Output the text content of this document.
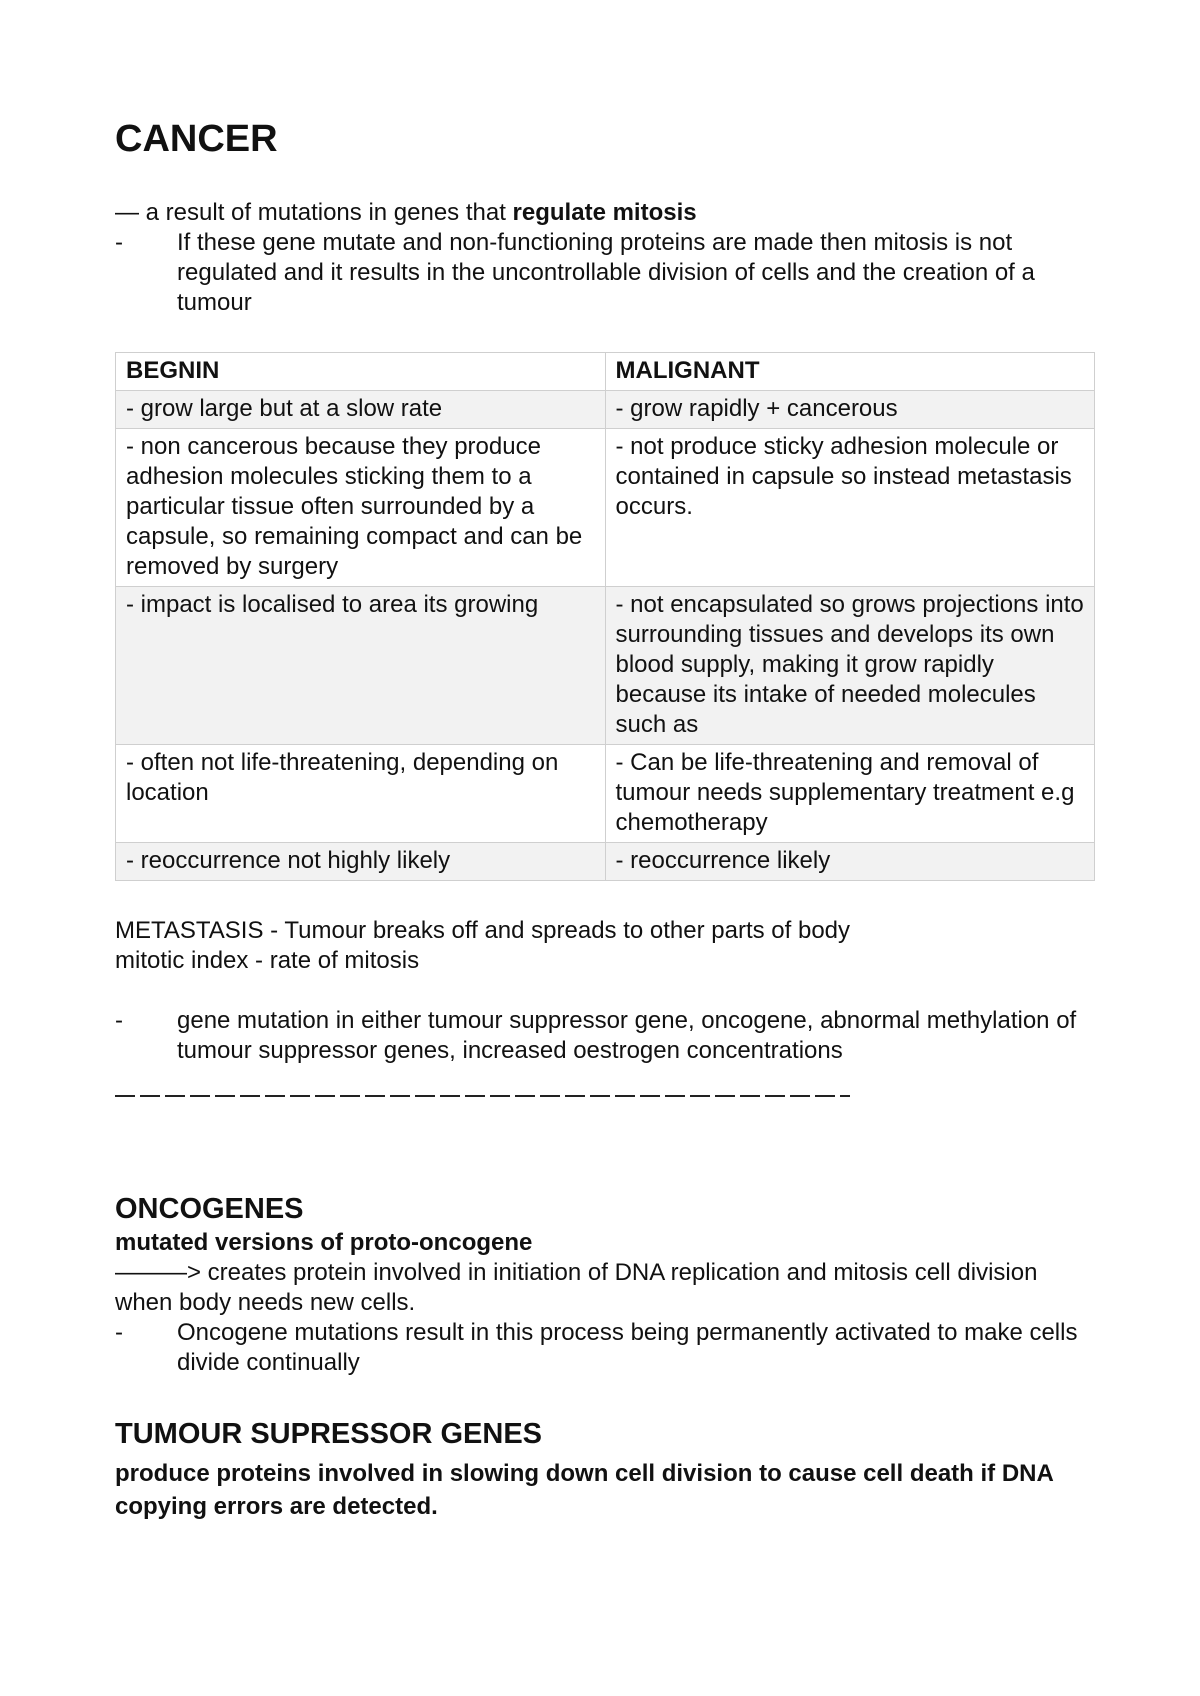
CANCER

— a result of mutations in genes that regulate mitosis

-	If these gene mutate and non-functioning proteins are made then mitosis is not regulated and it results in the uncontrollable division of cells and the creation of a tumour
BEGNIN	MALIGNANT
- grow large but at a slow rate	- grow rapidly + cancerous
- non cancerous because they produce adhesion molecules sticking them to a particular tissue often surrounded by a capsule, so remaining compact and can be removed by surgery	- not produce sticky adhesion molecule or contained in capsule so instead metastasis occurs.
- impact is localised to area its growing	- not encapsulated so grows projections into surrounding tissues and develops its own blood supply, making it grow rapidly because its intake of needed molecules such as

- often not life-threatening, depending on location	- Can be life-threatening and removal of tumour needs supplementary treatment e.g chemotherapy
- reoccurrence not highly likely	- reoccurrence likely

METASTASIS - Tumour breaks off and spreads to other parts of body

mitotic index - rate of mitosis

-	gene mutation in either tumour suppressor gene, oncogene, abnormal methylation of tumour suppressor genes, increased oestrogen concentrations
ONCOGENES

mutated versions of proto-oncogene

———> creates protein involved in initiation of DNA replication and mitosis cell division when body needs new cells.

-	Oncogene mutations result in this process being permanently activated to make cells divide continually
TUMOUR SUPRESSOR GENES

produce proteins involved in slowing down cell division to cause cell death if DNA copying errors are detected.
